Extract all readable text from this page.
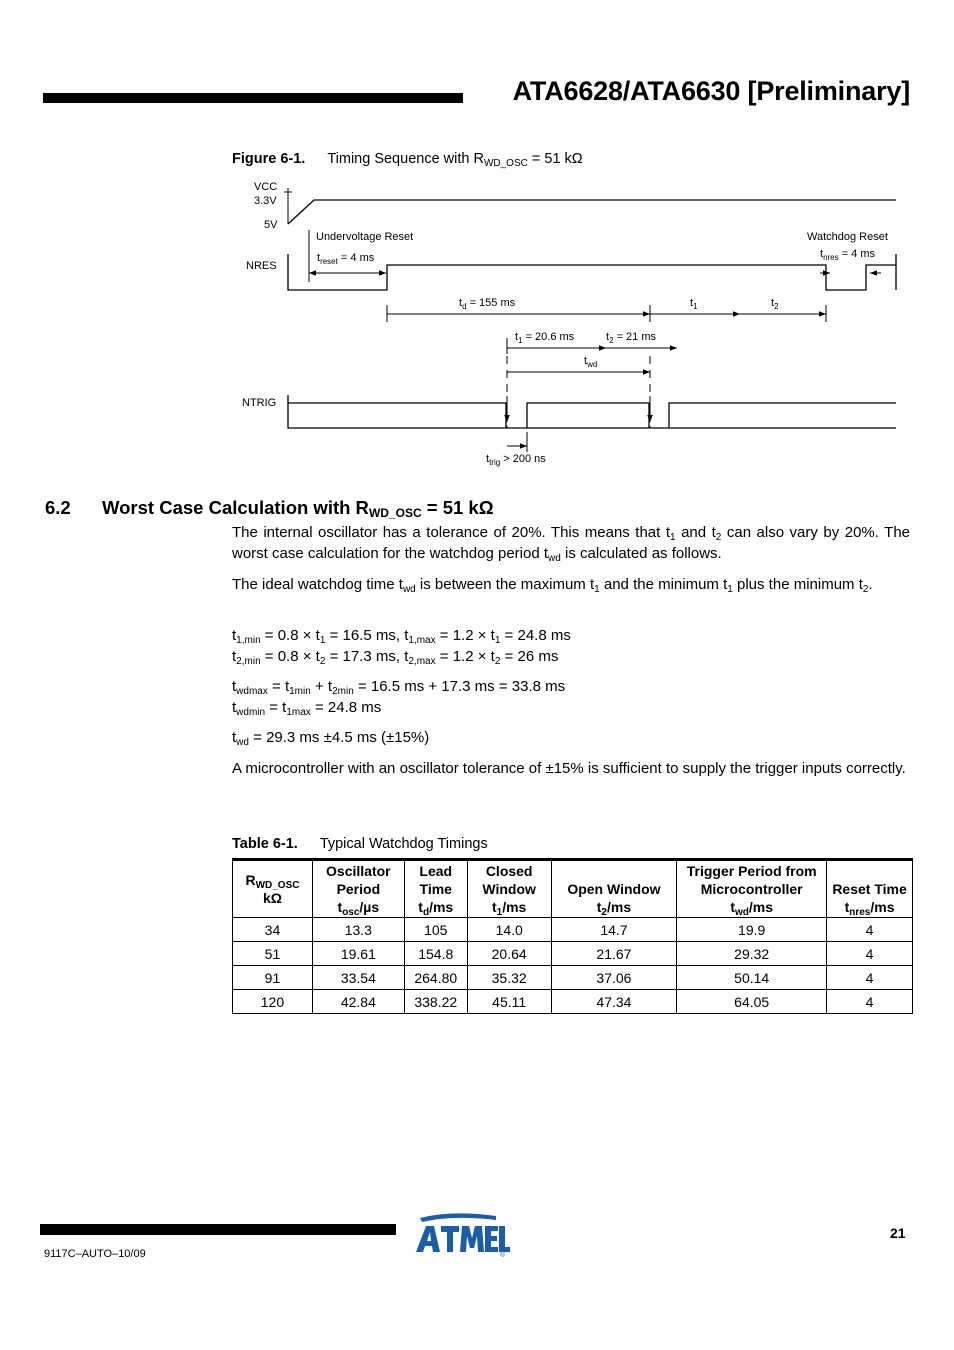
ATA6628/ATA6630 [Preliminary]
Figure 6-1. Timing Sequence with $R_{WD\_OSC} = 51$ kΩ
VCC
3.3V
5V
NRES
NTRIG
Undervoltage Reset	Watchdog Reset
$t_{reset} = 4$ ms	$t_{nres} = 4$ ms
$t_d = 155$ ms	$t_1$	$t_2$
$t_1 = 20.6$ ms	$t_2 = 21$ ms
$t_{wd}$
$t_{trig} > 200$ ns
6.2 Worst Case Calculation with $R_{WD\_OSC} = 51$ kΩ
The internal oscillator has a tolerance of 20%. This means that $t_1$ and $t_2$ can also vary by 20%. The worst case calculation for the watchdog period $t_{wd}$ is calculated as follows.
The ideal watchdog time $t_{wd}$ is between the maximum $t_1$ and the minimum $t_1$ plus the minimum $t_2$.
$t_{1,min} = 0.8 \times t_1 = 16.5$ ms, $t_{1,max} = 1.2 \times t_1 = 24.8$ ms
$t_{2,min} = 0.8 \times t_2 = 17.3$ ms, $t_{2,max} = 1.2 \times t_2 = 26$ ms
$t_{wdmax} = t_{1min} + t_{2min} = 16.5$ ms + 17.3 ms = 33.8 ms
$t_{wdmin} = t_{1max} = 24.8$ ms
$t_{wd} = 29.3$ ms ±4.5 ms (±15%)
A microcontroller with an oscillator tolerance of ±15% is sufficient to supply the trigger inputs correctly.
Table 6-1. Typical Watchdog Timings
$R_{WD\_OSC}$
kΩ	Oscillator
Period
$t_{osc}/\mu s$	Lead
Time
$t_d/ms$	Closed
Window
$t_1/ms$	Open Window
$t_2/ms$	Trigger Period from
Microcontroller
$t_{wd}/ms$	Reset Time
$t_{nres}/ms$
34	13.3	105	14.0	14.7	19.9	4
51	19.61	154.8	20.64	21.67	29.32	4
91	33.54	264.80	35.32	37.06	50.14	4
120	42.84	338.22	45.11	47.34	64.05	4
®
21
9117C–AUTO–10/09
